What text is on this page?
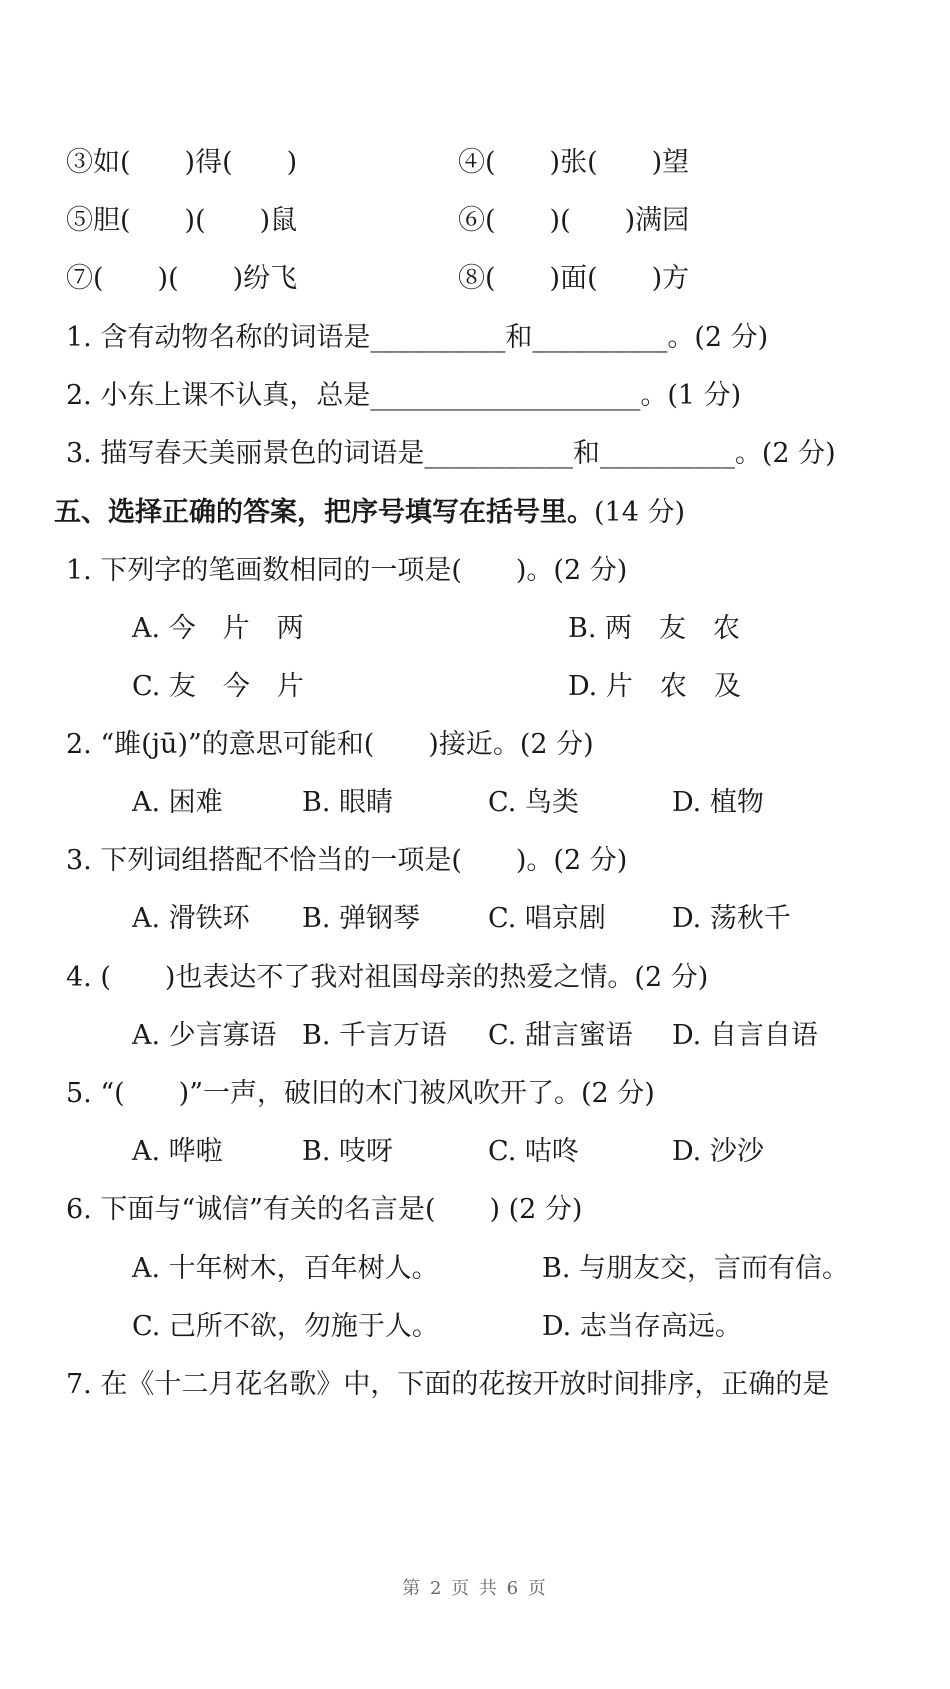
③如(　　)得(　　)	④(　　)张(　　)望
⑤胆(　　)(　　)鼠	⑥(　　)(　　)满园
⑦(　　)(　　)纷飞	⑧(　　)面(　　)方
1. 含有动物名称的词语是__________和__________。(2 分)
2. 小东上课不认真，总是____________________。(1 分)
3. 描写春天美丽景色的词语是___________和__________。(2 分)
五、选择正确的答案，把序号填写在括号里。(14 分)
1. 下列字的笔画数相同的一项是(　　)。(2 分)
A. 今　片　两	B. 两　友　农
C. 友　今　片	D. 片　农　及
2. “雎(jū)”的意思可能和(　　)接近。(2 分)
A. 困难	B. 眼睛	C. 鸟类	D. 植物
3. 下列词组搭配不恰当的一项是(　　)。(2 分)
A. 滑铁环 B. 弹钢琴	C. 唱京剧 D. 荡秋千
4. (　　)也表达不了我对祖国母亲的热爱之情。(2 分)
A. 少言寡语 B. 千言万语 C. 甜言蜜语 D. 自言自语
5. “(　　)”一声，破旧的木门被风吹开了。(2 分)
A. 哗啦	B. 吱呀	C. 咕咚	D. 沙沙
6. 下面与“诚信”有关的名言是(　　) (2 分)
A. 十年树木，百年树人。	B. 与朋友交，言而有信。
C. 己所不欲，勿施于人。	D. 志当存高远。
7. 在《十二月花名歌》中，下面的花按开放时间排序，正确的是
第 2 页 共 6 页
